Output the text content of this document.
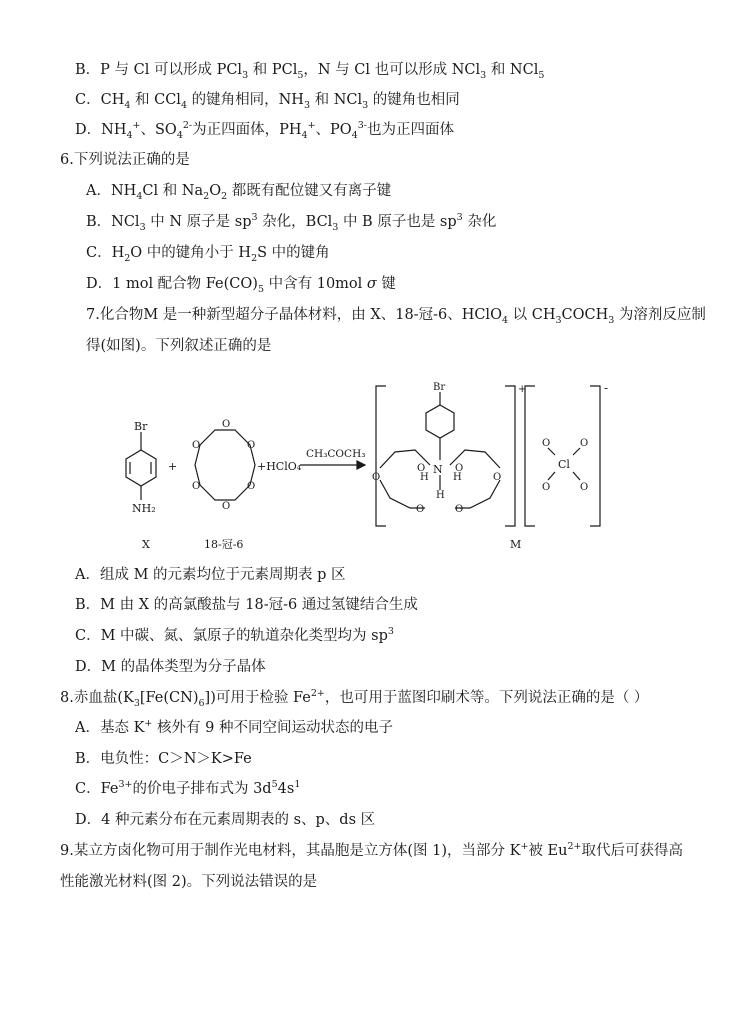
B．P 与 Cl 可以形成 PCl$_3$ 和 PCl$_5$，N 与 Cl 也可以形成 NCl$_3$ 和 NCl$_5$
C．$CH_4$ 和 CCl$_4$ 的键角相同，$NH_3$ 和 NCl$_3$ 的键角也相同
D．$NH_4^+$、$SO_4^{2-}$为正四面体，$PH_4^+$、$PO_4^{3-}$也为正四面体
6.下列说法正确的是
A．$NH_4Cl$ 和 $Na_2O_2$ 都既有配位键又有离子键
B．NCl$_3$ 中 N 原子是 $sp^3$ 杂化，BCl$_3$ 中 B 原子也是 $sp^3$ 杂化
C．$H_2O$ 中的键角小于 $H_2S$ 中的键角
D．1 mol 配合物 $Fe(CO)_5$ 中含有 10mol σ 键
7.化合物M 是一种新型超分子晶体材料，由 X、18-冠-6、HClO$_4$ 以 $CH_3COCH_3$ 为溶剂反应制
得(如图)。下列叙述正确的是
O
O
O
O
O
O
Br
NH₂
+	+HClO₄
CH₃COCH₃
Br
N
O	O
O	O
O	O
H H
H
+
Cl
O	O
O	O
-
X	18-冠-6	M
A．组成 M 的元素均位于元素周期表 p 区
B．M 由 X 的高氯酸盐与 18-冠-6 通过氢键结合生成
C．M 中碳、氮、氯原子的轨道杂化类型均为 $sp^3$
D．M 的晶体类型为分子晶体
8.赤血盐$(K_3[Fe(CN)_6])$可用于检验 $Fe^{2+}$，也可用于蓝图印刷术等。下列说法正确的是（ ）
A．基态 K+ 核外有 9 种不同空间运动状态的电子
B．电负性：C＞N＞K>Fe
C．$Fe^{3+}$的价电子排布式为 $3d^54s^1$
D．4 种元素分布在元素周期表的 s、p、ds 区
9.某立方卤化物可用于制作光电材料，其晶胞是立方体(图 1)，当部分 K+被 $Eu^{2+}$取代后可获得高
性能激光材料(图 2)。下列说法错误的是
